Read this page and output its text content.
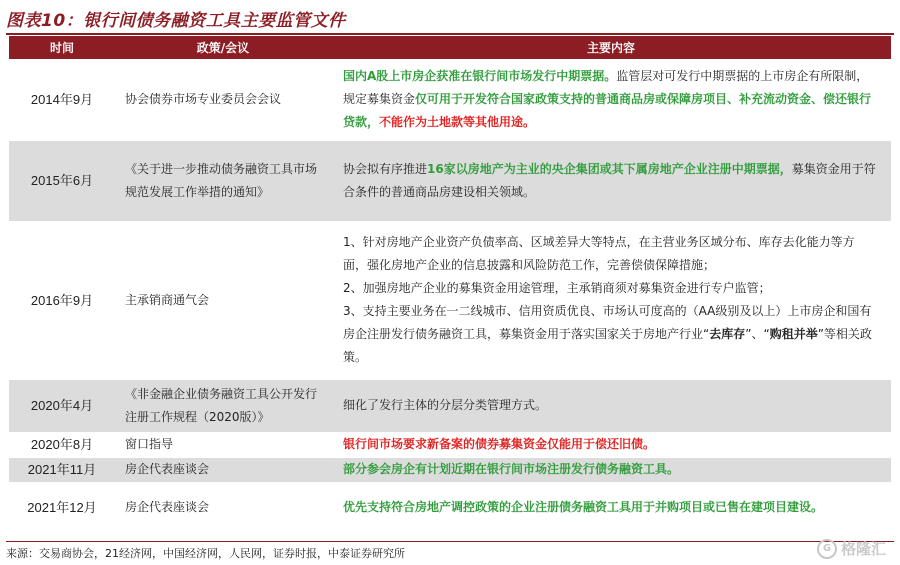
图表10：银行间债务融资工具主要监管文件
时间	政策/会议	主要内容
2014年9月	协会债券市场专业委员会会议	国内A股上市房企获准在银行间市场发行中期票据。监管层对可发行中期票据的上市房企有所限制，规定募集资金仅可用于开发符合国家政策支持的普通商品房或保障房项目、补充流动资金、偿还银行贷款，不能作为土地款等其他用途。
2015年6月	《关于进一步推动债务融资工具市场规范发展工作举措的通知》	协会拟有序推进16家以房地产为主业的央企集团或其下属房地产企业注册中期票据，募集资金用于符合条件的普通商品房建设相关领域。
2016年9月	主承销商通气会	1、针对房地产企业资产负债率高、区域差异大等特点，在主营业务区域分布、库存去化能力等方面，强化房地产企业的信息披露和风险防范工作，完善偿债保障措施；
2、加强房地产企业的募集资金用途管理，主承销商须对募集资金进行专户监管；
3、支持主要业务在一二线城市、信用资质优良、市场认可度高的（AA级别及以上）上市房企和国有房企注册发行债务融资工具，募集资金用于落实国家关于房地产行业“去库存”、“购租并举”等相关政策。
2020年4月	《非金融企业债务融资工具公开发行注册工作规程（2020版）》	细化了发行主体的分层分类管理方式。
2020年8月	窗口指导	银行间市场要求新备案的债券募集资金仅能用于偿还旧债。
2021年11月	房企代表座谈会	部分参会房企有计划近期在银行间市场注册发行债务融资工具。
2021年12月	房企代表座谈会	优先支持符合房地产调控政策的企业注册债务融资工具用于并购项目或已售在建项目建设。
来源：交易商协会，21经济网，中国经济网，人民网，证券时报，中泰证券研究所	G 格隆汇
